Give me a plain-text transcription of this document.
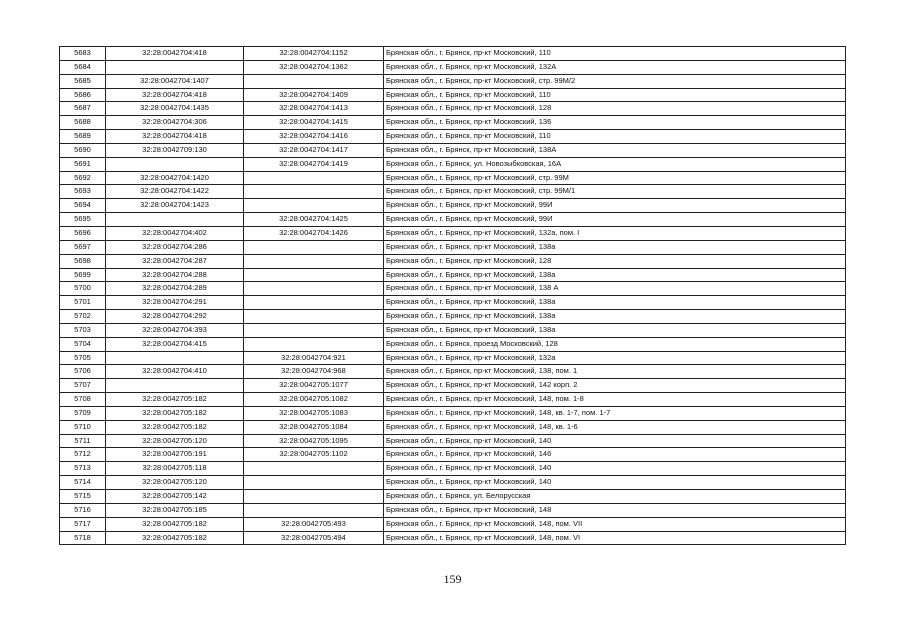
5683	32:28:0042704:418	32:28:0042704:1152	Брянская обл., г. Брянск, пр-кт Московский, 110
5684		32:28:0042704:1362	Брянская обл., г. Брянск, пр-кт Московский, 132А
5685	32:28:0042704:1407		Брянская обл., г. Брянск, пр-кт Московский, стр. 99М/2
5686	32:28:0042704:418	32:28:0042704:1409	Брянская обл., г. Брянск, пр-кт Московский, 110
5687	32:28:0042704:1435	32:28:0042704:1413	Брянская обл., г. Брянск, пр-кт Московский, 128
5688	32:28:0042704:306	32:28:0042704:1415	Брянская обл., г. Брянск, пр-кт Московский, 136
5689	32:28:0042704:418	32:28:0042704:1416	Брянская обл., г. Брянск, пр-кт Московский, 110
5690	32:28:0042709:130	32:28:0042704:1417	Брянская обл., г. Брянск, пр-кт Московский, 138А
5691		32:28:0042704:1419	Брянская обл., г. Брянск, ул. Новозыбковская, 16А
5692	32:28:0042704:1420		Брянская обл., г. Брянск, пр-кт Московский, стр. 99М
5693	32:28:0042704:1422		Брянская обл., г. Брянск, пр-кт Московский, стр. 99М/1
5694	32:28:0042704:1423		Брянская обл., г. Брянск, пр-кт Московский, 99И
5695		32:28:0042704:1425	Брянская обл., г. Брянск, пр-кт Московский, 99И
5696	32:28:0042704:402	32:28:0042704:1426	Брянская обл., г. Брянск, пр-кт Московский, 132а, пом. I
5697	32:28:0042704:286		Брянская обл., г. Брянск, пр-кт Московский, 138а
5698	32:28:0042704:287		Брянская обл., г. Брянск, пр-кт Московский, 128
5699	32:28:0042704:288		Брянская обл., г. Брянск, пр-кт Московский, 138а
5700	32:28:0042704:289		Брянская обл., г. Брянск, пр-кт Московский, 138 А
5701	32:28:0042704:291		Брянская обл., г. Брянск, пр-кт Московский, 138а
5702	32:28:0042704:292		Брянская обл., г. Брянск, пр-кт Московский, 138а
5703	32:28:0042704:393		Брянская обл., г. Брянск, пр-кт Московский, 138а
5704	32:28:0042704:415		Брянская обл., г. Брянск, проезд Московский, 128
5705		32:28:0042704:921	Брянская обл., г. Брянск, пр-кт Московский, 132а
5706	32:28:0042704:410	32:28:0042704:968	Брянская обл., г. Брянск, пр-кт Московский, 138, пом. 1
5707		32:28:0042705:1077	Брянская обл., г. Брянск, пр-кт Московский, 142 корп. 2
5708	32:28:0042705:182	32:28:0042705:1082	Брянская обл., г. Брянск, пр-кт Московский, 148, пом. 1-8
5709	32:28:0042705:182	32:28:0042705:1083	Брянская обл., г. Брянск, пр-кт Московский, 148, кв. 1-7, пом. 1-7
5710	32:28:0042705:182	32:28:0042705:1084	Брянская обл., г. Брянск, пр-кт Московский, 148, кв. 1-6
5711	32:28:0042705:120	32:28:0042705:1095	Брянская обл., г. Брянск, пр-кт Московский, 140
5712	32:28:0042705:191	32:28:0042705:1102	Брянская обл., г. Брянск, пр-кт Московский, 146
5713	32:28:0042705:118		Брянская обл., г. Брянск, пр-кт Московский, 140
5714	32:28:0042705:120		Брянская обл., г. Брянск, пр-кт Московский, 140
5715	32:28:0042705:142		Брянская обл., г. Брянск, ул. Белорусская
5716	32:28:0042705:185		Брянская обл., г. Брянск, пр-кт Московский, 148
5717	32:28:0042705:182	32:28:0042705:493	Брянская обл., г. Брянск, пр-кт Московский, 148, пом. VII
5718	32:28:0042705:182	32:28:0042705:494	Брянская обл., г. Брянск, пр-кт Московский, 148, пом. VI
159
